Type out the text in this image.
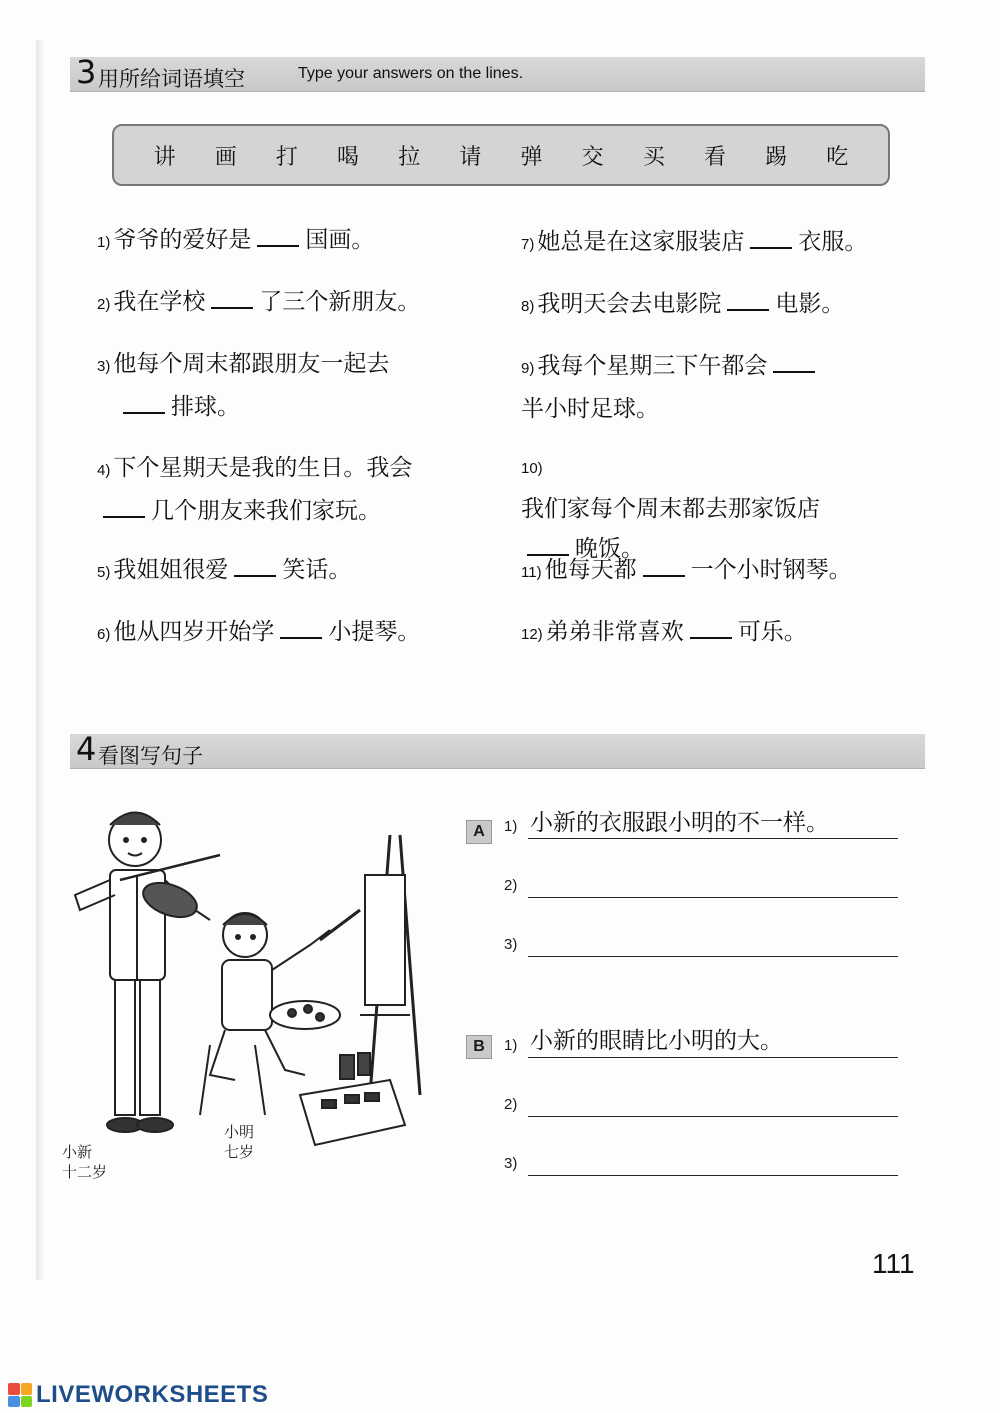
3 用所给词语填空	Type your answers on the lines.
讲 画 打 喝 拉 请 弹 交 买 看 踢 吃
1) 爷爷的爱好是 国画。
2) 我在学校 了三个新朋友。
3) 他每个周末都跟朋友一起去
排球。
4) 下个星期天是我的生日。我会几个朋友来我们家玩。
5) 我姐姐很爱 笑话。
6) 他从四岁开始学 小提琴。
7) 她总是在这家服装店 衣服。
8) 我明天会去电影院 电影。
9) 我每个星期三下午都会半小时足球。
10)我们家每个周末都去那家饭店晚饭。
11) 他每天都 一个小时钢琴。
12) 弟弟非常喜欢 可乐。
4 看图写句子
小新
十二岁
小明
七岁
A	1) 小新的衣服跟小明的不一样。
2)
3)
B	1) 小新的眼睛比小明的大。
2)
3)
111
LIVEWORKSHEETS
